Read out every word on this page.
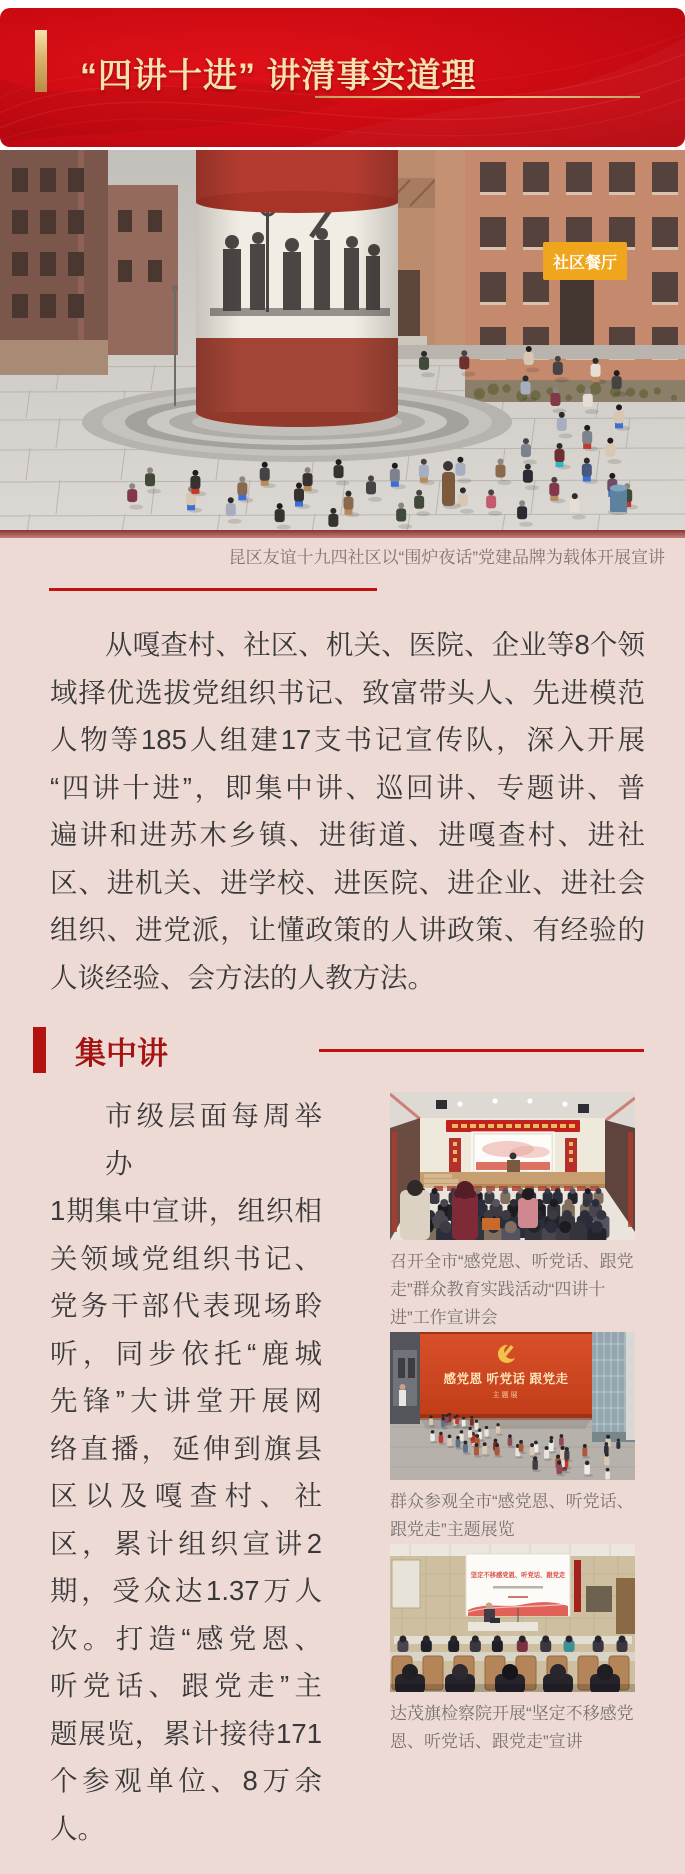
“四讲十进” 讲清事实道理
社区餐厅
昆区友谊十九四社区以“围炉夜话”党建品牌为载体开展宣讲
从嘎查村、社区、机关、医院、企业等8个领
域择优选拔党组织书记、致富带头人、先进模范
人物等185人组建17支书记宣传队，深入开展
“四讲十进”，即集中讲、巡回讲、专题讲、普
遍讲和进苏木乡镇、进街道、进嘎查村、进社
区、进机关、进学校、进医院、进企业、进社会
组织、进党派，让懂政策的人讲政策、有经验的
人谈经验、会方法的人教方法。
集中讲
市级层面每周举办
1期集中宣讲，组织相
关领域党组织书记、
党务干部代表现场聆
听，同步依托“鹿城
先锋”大讲堂开展网
络直播，延伸到旗县
区以及嘎查村、社
区，累计组织宣讲2
期，受众达1.37万人
次。打造“感党恩、
听党话、跟党走”主
题展览，累计接待171
个参观单位、8万余
人。
召开全市“感党恩、听党话、跟党走”群众教育实践活动“四讲十进”工作宣讲会
感党恩 听党话 跟党走
主题展
群众参观全市“感党恩、听党话、跟党走”主题展览
坚定不移感党恩、听党话、跟党走
达茂旗检察院开展“坚定不移感党恩、听党话、跟党走”宣讲
